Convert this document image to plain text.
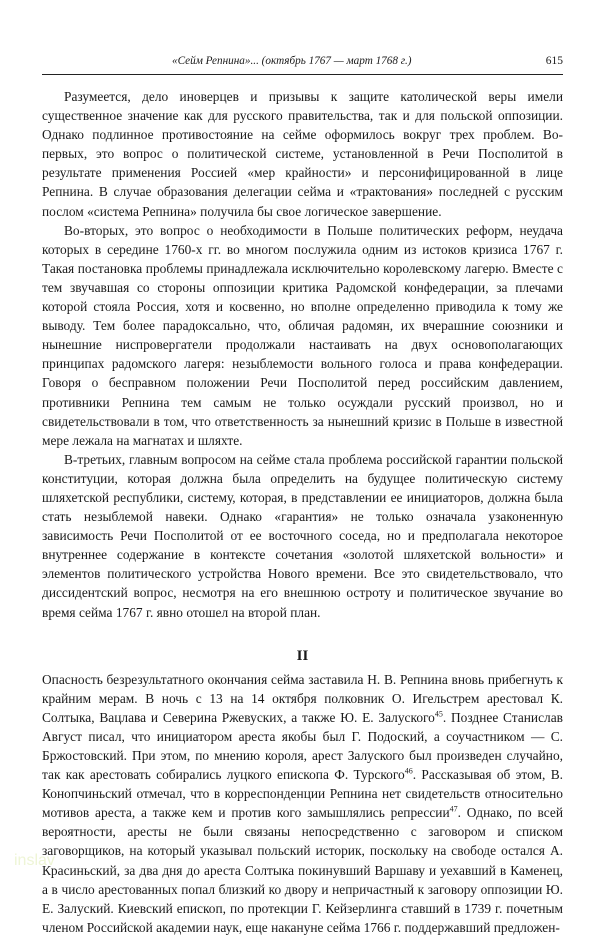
«Сейм Репнина»... (октябрь 1767 — март 1768 г.)	615

Разумеется, дело иноверцев и призывы к защите католической веры имели существенное значение как для русского правительства, так и для польской оппозиции. Однако подлинное противостояние на сейме оформилось вокруг трех проблем. Во-первых, это вопрос о политической системе, установленной в Речи Посполитой в результате применения Россией «мер крайности» и персонифицированной в лице Репнина. В случае образования делегации сейма и «трактования» последней с русским послом «система Репнина» получила бы свое логическое завершение.

Во-вторых, это вопрос о необходимости в Польше политических реформ, неудача которых в середине 1760-х гг. во многом послужила одним из истоков кризиса 1767 г. Такая постановка проблемы принадлежала исключительно королевскому лагерю. Вместе с тем звучавшая со стороны оппозиции критика Радомской конфедерации, за плечами которой стояла Россия, хотя и косвенно, но вполне определенно приводила к тому же выводу. Тем более парадоксально, что, обличая радомян, их вчерашние союзники и нынешние ниспровергатели продолжали настаивать на двух основополагающих принципах радомского лагеря: незыблемости вольного голоса и права конфедерации. Говоря о бесправном положении Речи Посполитой перед российским давлением, противники Репнина тем самым не только осуждали русский произвол, но и свидетельствовали в том, что ответственность за нынешний кризис в Польше в известной мере лежала на магнатах и шляхте.

В-третьих, главным вопросом на сейме стала проблема российской гарантии польской конституции, которая должна была определить на будущее политическую систему шляхетской республики, систему, которая, в представлении ее инициаторов, должна была стать незыблемой навеки. Однако «гарантия» не только означала узаконенную зависимость Речи Посполитой от ее восточного соседа, но и предполагала некоторое внутреннее содержание в контексте сочетания «золотой шляхетской вольности» и элементов политического устройства Нового времени. Все это свидетельствовало, что диссидентский вопрос, несмотря на его внешнюю остроту и политическое звучание во время сейма 1767 г. явно отошел на второй план.

II

Опасность безрезультатного окончания сейма заставила Н. В. Репнина вновь прибегнуть к крайним мерам. В ночь с 13 на 14 октября полковник О. Игельстрем арестовал К. Солтыка, Вацлава и Северина Ржевуских, а также Ю. Е. Залуского$^{45}$. Позднее Станислав Август писал, что инициатором ареста якобы был Г. Подоский, а соучастником — С. Бржостовский. При этом, по мнению короля, арест Залуского был произведен случайно, так как арестовать собирались луцкого епископа Ф. Турского$^{46}$. Рассказывая об этом, В. Конопчиньский отмечал, что в корреспонденции Репнина нет свидетельств относительно мотивов ареста, а также кем и против кого замышлялись репрессии$^{47}$. Однако, по всей вероятности, аресты не были связаны непосредственно с заговором и списком заговорщиков, на который указывал польский историк, поскольку на свободе остался А. Красиньский, за два дня до ареста Солтыка покинувший Варшаву и уехавший в Каменец, а в число арестованных попал близкий ко двору и непричастный к заговору оппозиции Ю. Е. Залуский. Киевский епископ, по протекции Г. Кейзерлинга ставший в 1739 г. почетным членом Российской академии наук, еще накануне сейма 1766 г. поддержавший предложен-

inslav
